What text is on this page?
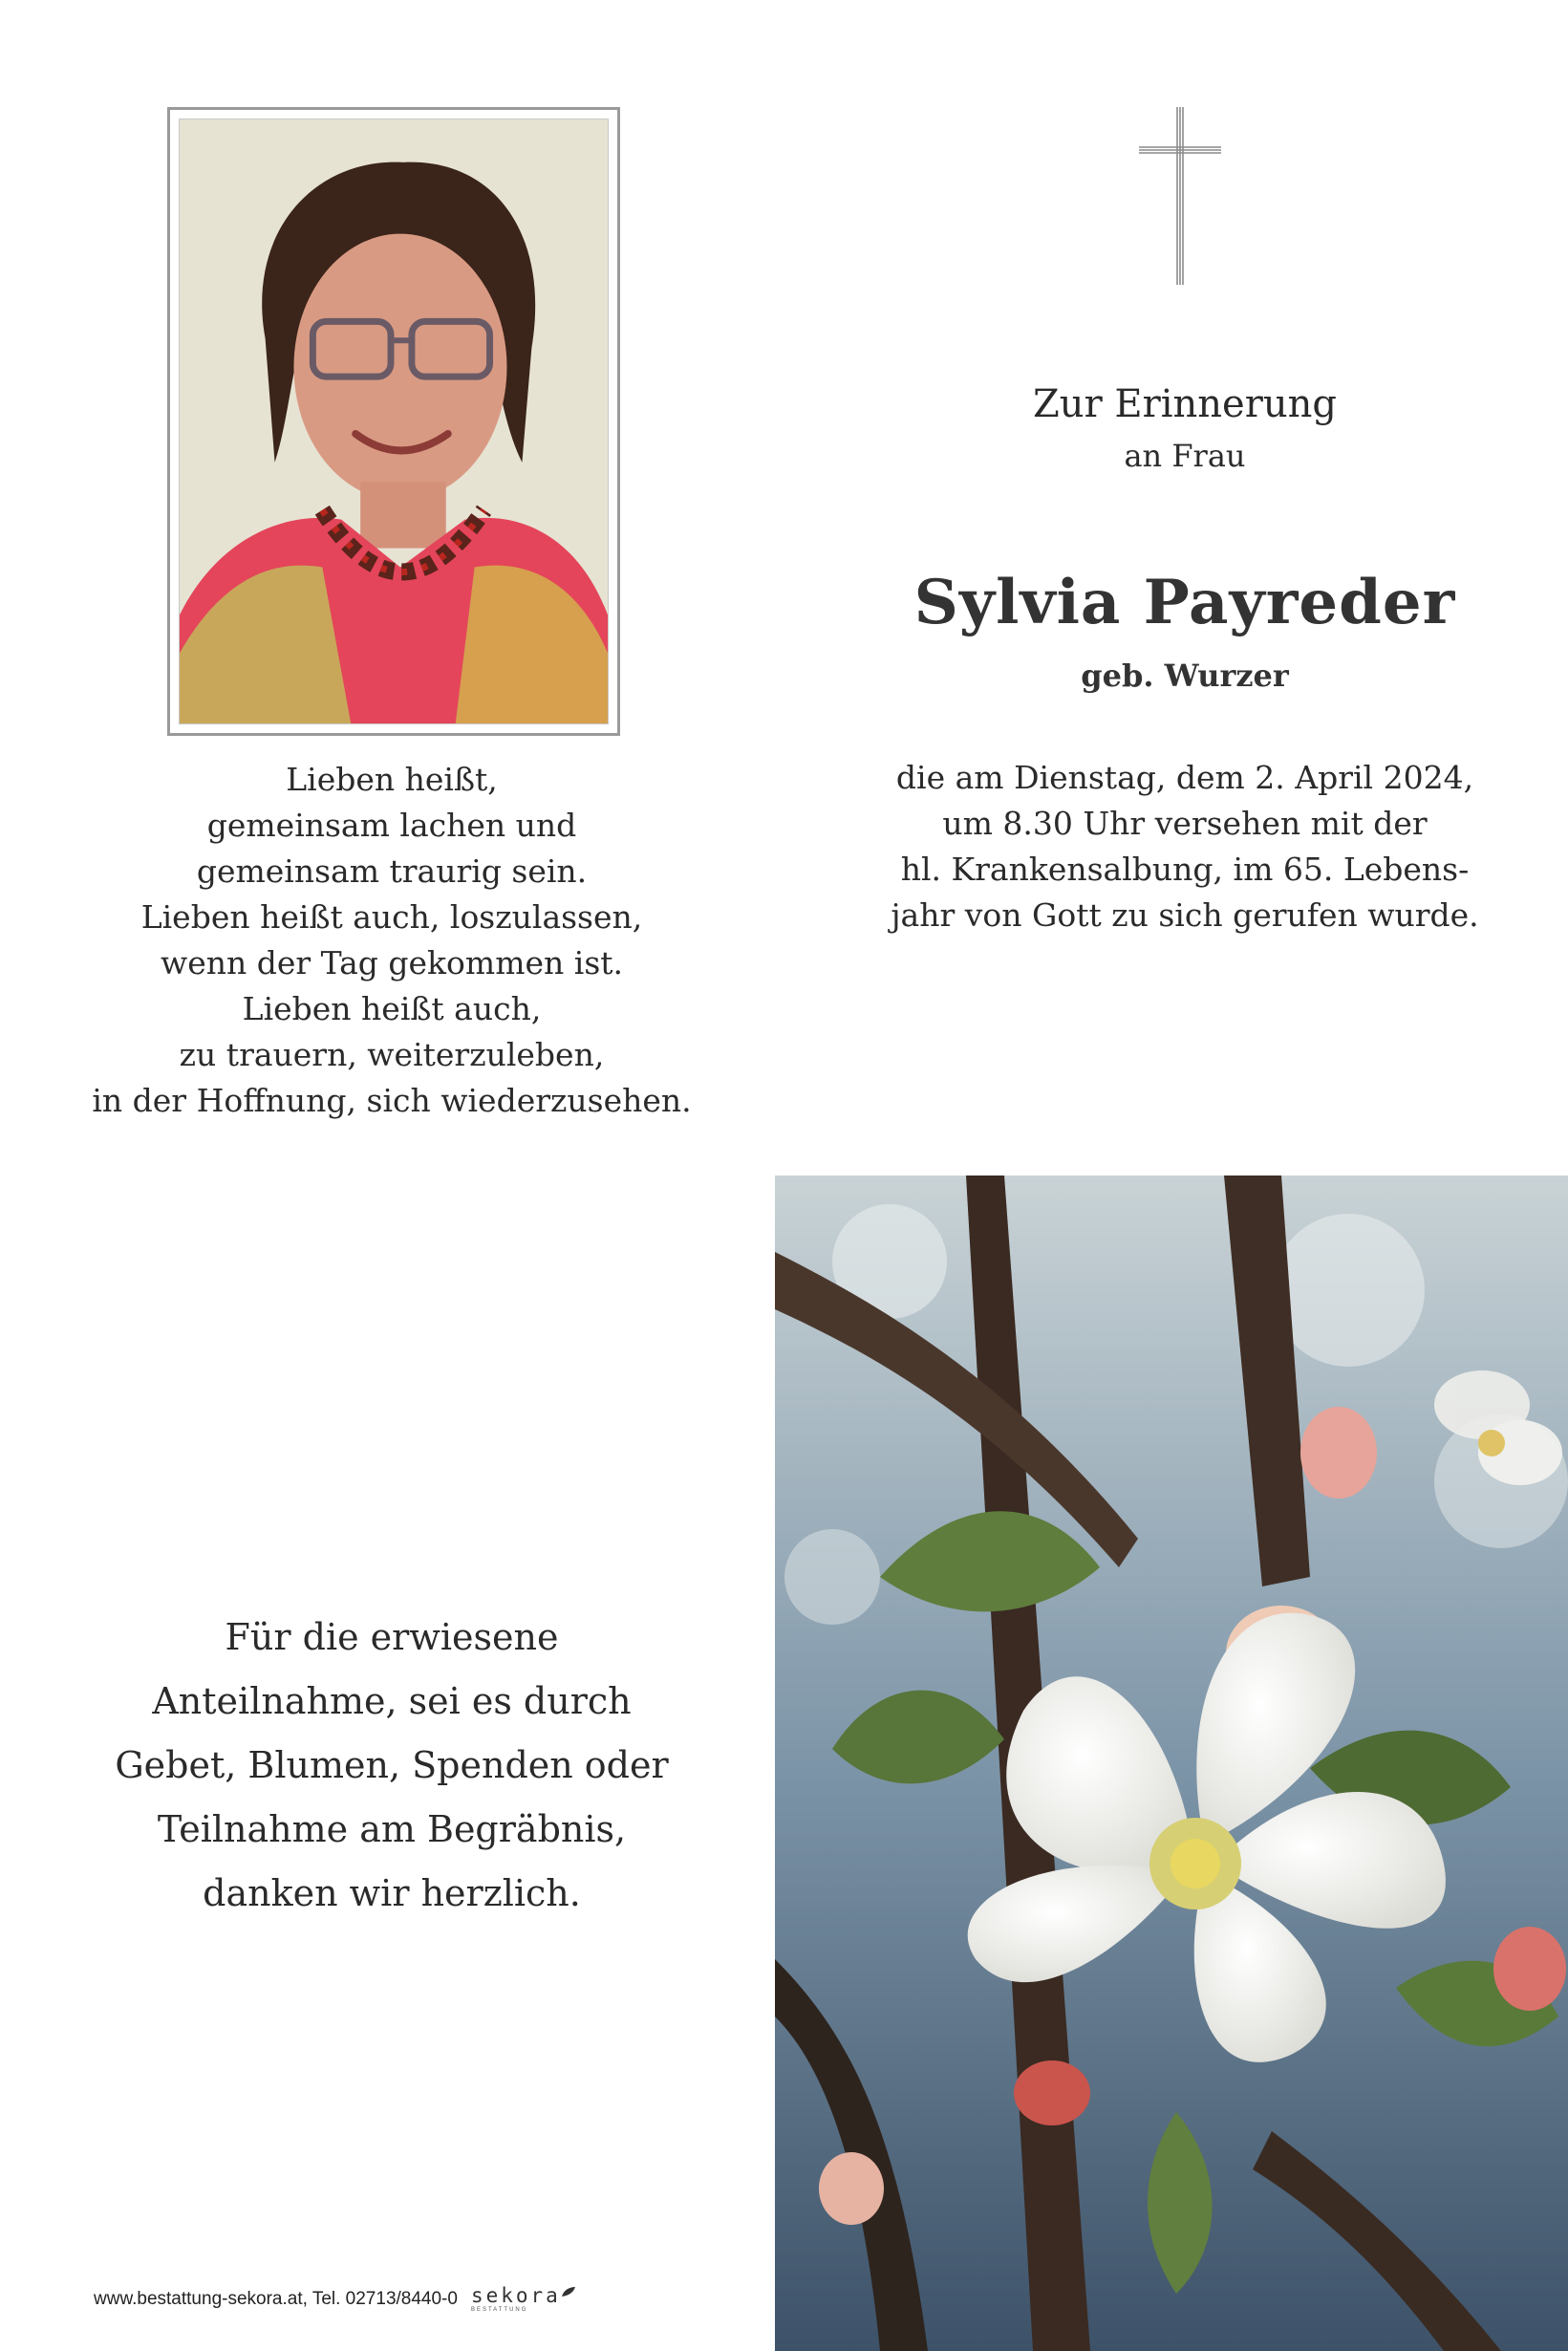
Zur Erinnerung
an Frau
Sylvia Payreder
geb. Wurzer
die am Dienstag, dem 2. April 2024,
um 8.30 Uhr versehen mit der
hl. Krankensalbung, im 65. Lebens-
jahr von Gott zu sich gerufen wurde.
Lieben heißt,
gemeinsam lachen und
gemeinsam traurig sein.
Lieben heißt auch, loszulassen,
wenn der Tag gekommen ist.
Lieben heißt auch,
zu trauern, weiterzuleben,
in der Hoffnung, sich wiederzusehen.
Für die erwiesene
Anteilnahme, sei es durch
Gebet, Blumen, Spenden oder
Teilnahme am Begräbnis,
danken wir herzlich.
www.bestattung-sekora.at, Tel. 02713/8440-0 sekora
BESTATTUNG
